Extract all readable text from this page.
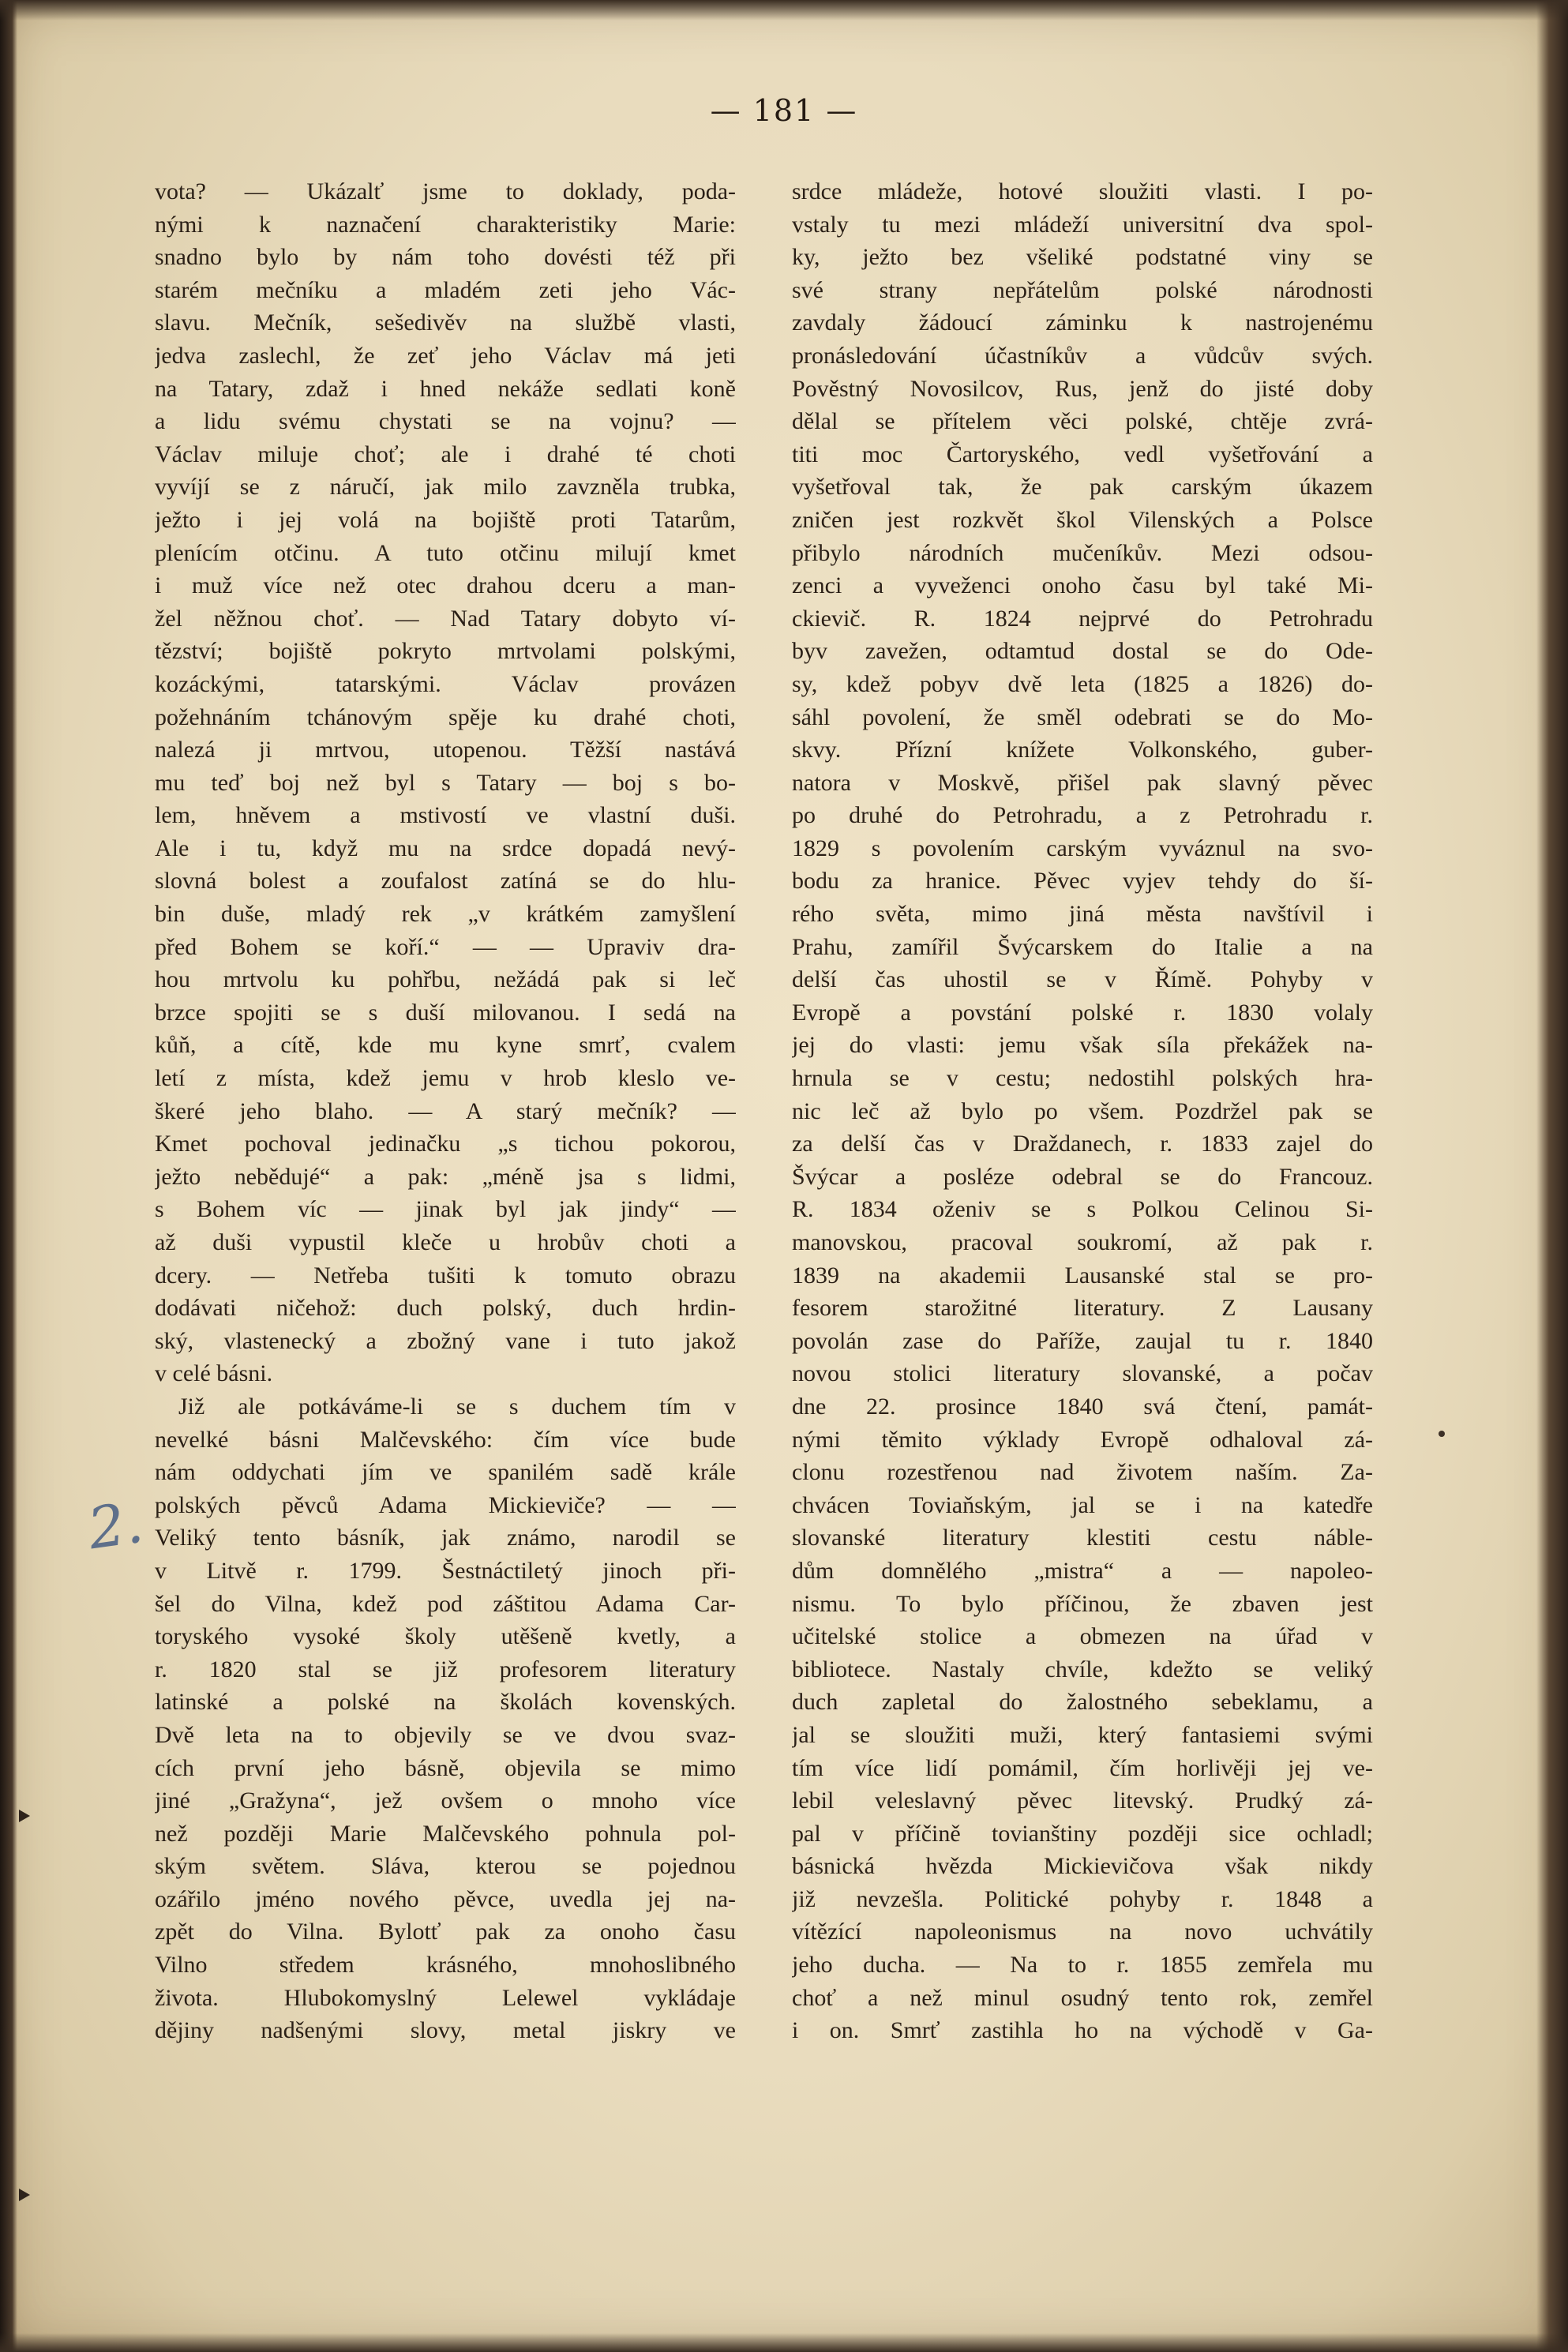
— 181 —
vota? — Ukázalť jsme to doklady, poda-
nými k naznačení charakteristiky Marie:
snadno bylo by nám toho dovésti též při
starém mečníku a mladém zeti jeho Vác-
slavu. Mečník, sešedivěv na službě vlasti,
jedva zaslechl, že zeť jeho Václav má jeti
na Tatary, zdaž i hned nekáže sedlati koně
a lidu svému chystati se na vojnu? —
Václav miluje choť; ale i drahé té choti
vyvíjí se z náručí, jak milo zavzněla trubka,
ježto i jej volá na bojiště proti Tatarům,
plenícím otčinu. A tuto otčinu milují kmet
i muž více než otec drahou dceru a man-
žel něžnou choť. — Nad Tatary dobyto ví-
tězství; bojiště pokryto mrtvolami polskými,
kozáckými, tatarskými. Václav provázen
požehnáním tchánovým spěje ku drahé choti,
nalezá ji mrtvou, utopenou. Těžší nastává
mu teď boj než byl s Tatary — boj s bo-
lem, hněvem a mstivostí ve vlastní duši.
Ale i tu, když mu na srdce dopadá nevý-
slovná bolest a zoufalost zatíná se do hlu-
bin duše, mladý rek „v krátkém zamyšlení
před Bohem se koří.“ — — Upraviv dra-
hou mrtvolu ku pohřbu, nežádá pak si leč
brzce spojiti se s duší milovanou. I sedá na
kůň, a cítě, kde mu kyne smrť, cvalem
letí z místa, kdež jemu v hrob kleslo ve-
škeré jeho blaho. — A starý mečník? —
Kmet pochoval jedinačku „s tichou pokorou,
ježto nebědujé“ a pak: „méně jsa s lidmi,
s Bohem víc — jinak byl jak jindy“ —
až duši vypustil kleče u hrobův choti a
dcery. — Netřeba tušiti k tomuto obrazu
dodávati ničehož: duch polský, duch hrdin-
ský, vlastenecký a zbožný vane i tuto jakož
v celé básni.
Již ale potkáváme-li se s duchem tím v
nevelké básni Malčevského: čím více bude
nám oddychati jím ve spanilém sadě krále
polských pěvců Adama Mickieviče? — —
Veliký tento básník, jak známo, narodil se
v Litvě r. 1799. Šestnáctiletý jinoch při-
šel do Vilna, kdež pod záštitou Adama Car-
toryského vysoké školy utěšeně kvetly, a
r. 1820 stal se již profesorem literatury
latinské a polské na školách kovenských.
Dvě leta na to objevily se ve dvou svaz-
cích první jeho básně, objevila se mimo
jiné „Gražyna“, jež ovšem o mnoho více
než později Marie Malčevského pohnula pol-
ským světem. Sláva, kterou se pojednou
ozářilo jméno nového pěvce, uvedla jej na-
zpět do Vilna. Bylotť pak za onoho času
Vilno středem krásného, mnohoslibného
života. Hlubokomyslný Lelewel vykládaje
dějiny nadšenými slovy, metal jiskry ve
srdce mládeže, hotové sloužiti vlasti. I po-
vstaly tu mezi mládeží universitní dva spol-
ky, ježto bez všeliké podstatné viny se
své strany nepřátelům polské národnosti
zavdaly žádoucí záminku k nastrojenému
pronásledování účastníkův a vůdcův svých.
Pověstný Novosilcov, Rus, jenž do jisté doby
dělal se přítelem věci polské, chtěje zvrá-
titi moc Čartoryského, vedl vyšetřování a
vyšetřoval tak, že pak carským úkazem
zničen jest rozkvět škol Vilenských a Polsce
přibylo národních mučeníkův. Mezi odsou-
zenci a vyveženci onoho času byl také Mi-
ckievič. R. 1824 nejprvé do Petrohradu
byv zavežen, odtamtud dostal se do Ode-
sy, kdež pobyv dvě leta (1825 a 1826) do-
sáhl povolení, že směl odebrati se do Mo-
skvy. Přízní knížete Volkonského, guber-
natora v Moskvě, přišel pak slavný pěvec
po druhé do Petrohradu, a z Petrohradu r.
1829 s povolením carským vyváznul na svo-
bodu za hranice. Pěvec vyjev tehdy do ší-
rého světa, mimo jiná města navštívil i
Prahu, zamířil Švýcarskem do Italie a na
delší čas uhostil se v Římě. Pohyby v
Evropě a povstání polské r. 1830 volaly
jej do vlasti: jemu však síla překážek na-
hrnula se v cestu; nedostihl polských hra-
nic leč až bylo po všem. Pozdržel pak se
za delší čas v Draždanech, r. 1833 zajel do
Švýcar a posléze odebral se do Francouz.
R. 1834 oženiv se s Polkou Celinou Si-
manovskou, pracoval soukromí, až pak r.
1839 na akademii Lausanské stal se pro-
fesorem starožitné literatury. Z Lausany
povolán zase do Paříže, zaujal tu r. 1840
novou stolici literatury slovanské, a počav
dne 22. prosince 1840 svá čtení, památ-
nými těmito výklady Evropě odhaloval zá-
clonu rozestřenou nad životem naším. Za-
chvácen Toviaňským, jal se i na katedře
slovanské literatury klestiti cestu náble-
dům domnělého „mistra“ a — napoleo-
nismu. To bylo příčinou, že zbaven jest
učitelské stolice a obmezen na úřad v
bibliotece. Nastaly chvíle, kdežto se veliký
duch zapletal do žalostného sebeklamu, a
jal se sloužiti muži, který fantasiemi svými
tím více lidí pomámil, čím horlivěji jej ve-
lebil veleslavný pěvec litevský. Prudký zá-
pal v příčině tovianštiny později sice ochladl;
básnická hvězda Mickievičova však nikdy
již nevzešla. Politické pohyby r. 1848 a
vítězící napoleonismus na novo uchvátily
jeho ducha. — Na to r. 1855 zemřela mu
choť a než minul osudný tento rok, zemřel
i on. Smrť zastihla ho na východě v Ga-
2.
